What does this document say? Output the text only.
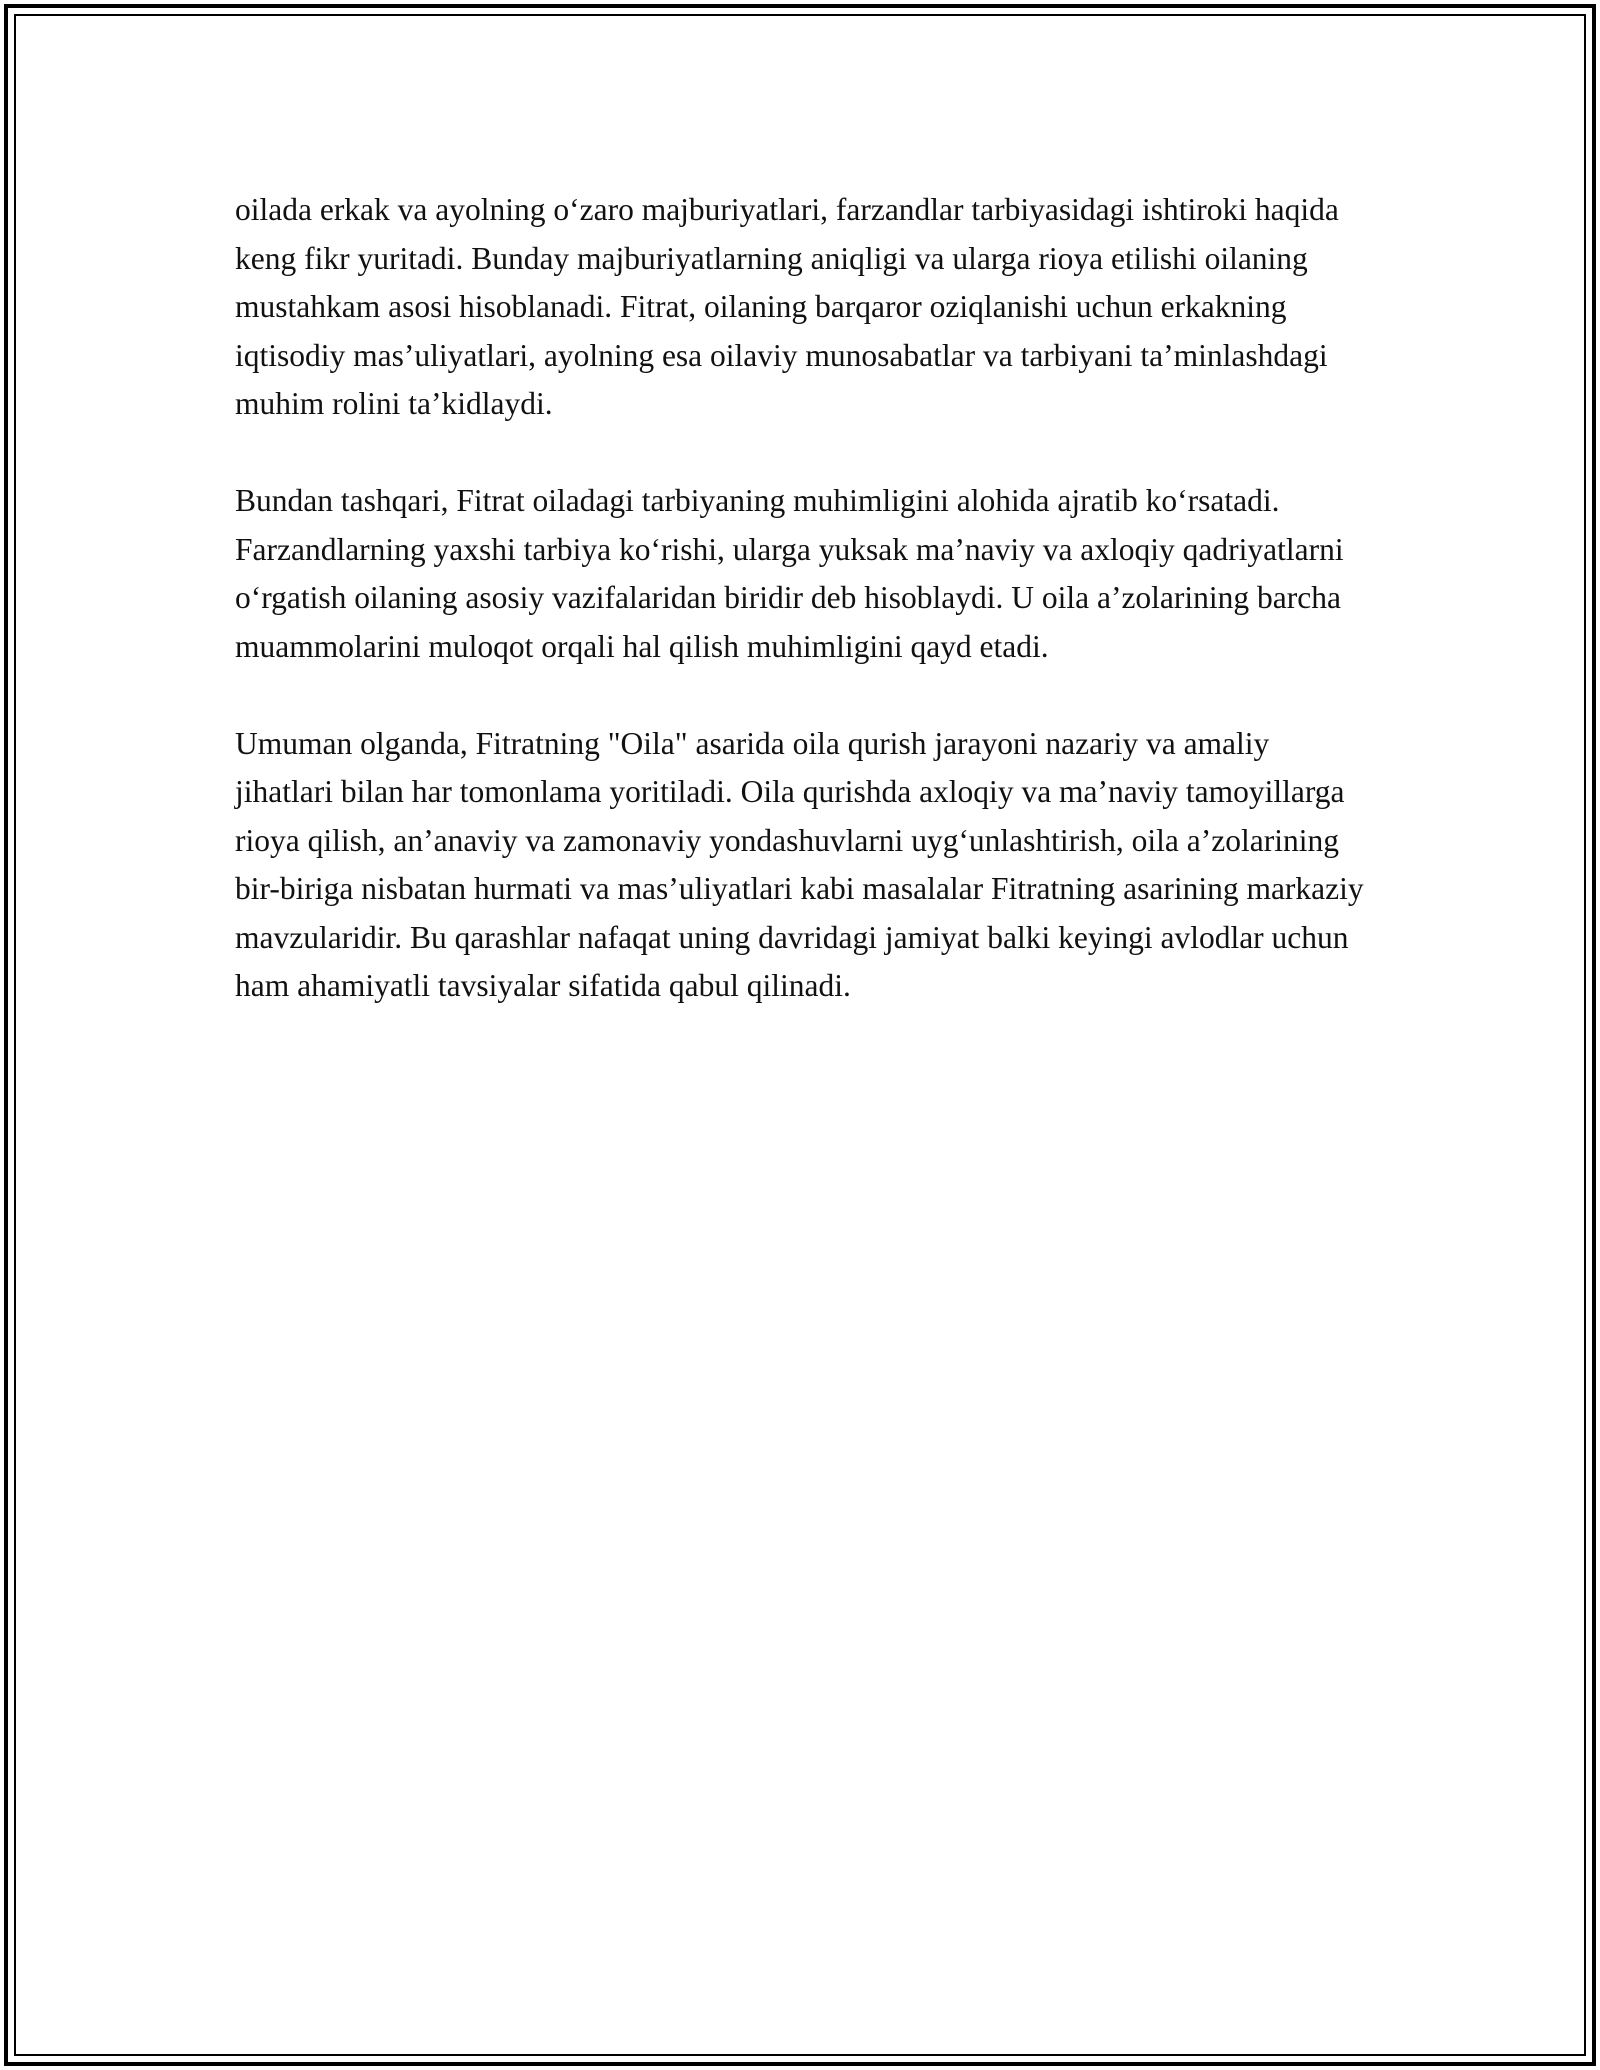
oilada erkak va ayolning o‘zaro majburiyatlari, farzandlar tarbiyasidagi ishtiroki haqida keng fikr yuritadi. Bunday majburiyatlarning aniqligi va ularga rioya etilishi oilaning mustahkam asosi hisoblanadi. Fitrat, oilaning barqaror oziqlanishi uchun erkakning iqtisodiy mas’uliyatlari, ayolning esa oilaviy munosabatlar va tarbiyani ta’minlashdagi muhim rolini ta’kidlaydi.

Bundan tashqari, Fitrat oiladagi tarbiyaning muhimligini alohida ajratib ko‘rsatadi. Farzandlarning yaxshi tarbiya ko‘rishi, ularga yuksak ma’naviy va axloqiy qadriyatlarni o‘rgatish oilaning asosiy vazifalaridan biridir deb hisoblaydi. U oila a’zolarining barcha muammolarini muloqot orqali hal qilish muhimligini qayd etadi.

Umuman olganda, Fitratning "Oila" asarida oila qurish jarayoni nazariy va amaliy jihatlari bilan har tomonlama yoritiladi. Oila qurishda axloqiy va ma’naviy tamoyillarga rioya qilish, an’anaviy va zamonaviy yondashuvlarni uyg‘unlashtirish, oila a’zolarining bir-biriga nisbatan hurmati va mas’uliyatlari kabi masalalar Fitratning asarining markaziy mavzularidir. Bu qarashlar nafaqat uning davridagi jamiyat balki keyingi avlodlar uchun ham ahamiyatli tavsiyalar sifatida qabul qilinadi.
